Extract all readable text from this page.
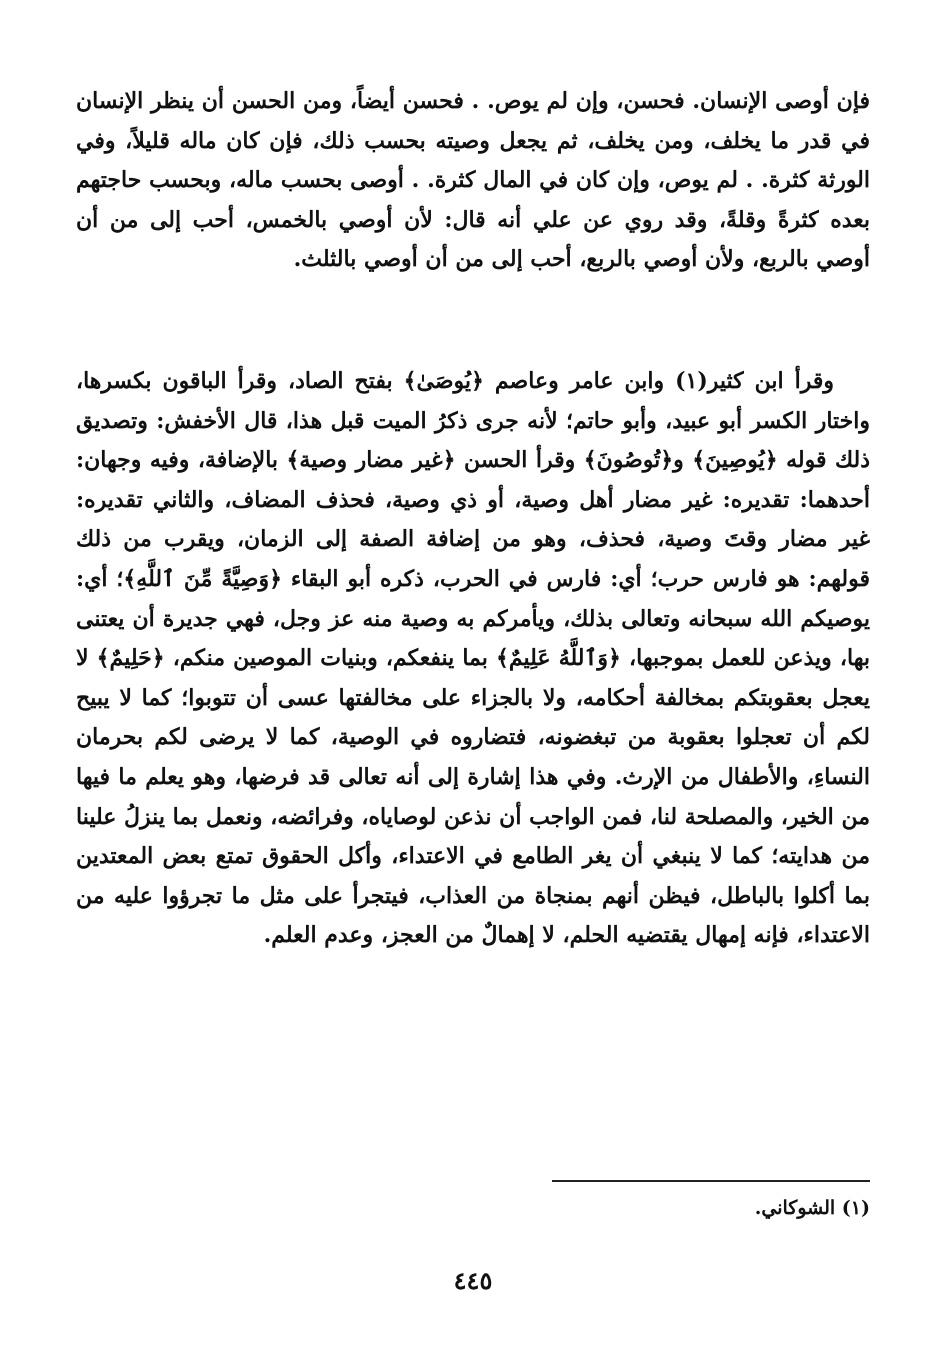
فإن أوصى الإنسان. فحسن، وإن لم يوص. . فحسن أيضاً، ومن الحسن أن ينظر الإنسان في قدر ما يخلف، ومن يخلف، ثم يجعل وصيته بحسب ذلك، فإن كان ماله قليلاً، وفي الورثة كثرة. . لم يوص، وإن كان في المال كثرة. . أوصى بحسب ماله، وبحسب حاجتهم بعده كثرةً وقلةً، وقد روي عن علي أنه قال: لأن أوصي بالخمس، أحب إلى من أن أوصي بالربع، ولأن أوصي بالربع، أحب إلى من أن أوصي بالثلث.

وقرأ ابن كثير(١) وابن عامر وعاصم ﴿يُوصَىٰ﴾ بفتح الصاد، وقرأ الباقون بكسرها، واختار الكسر أبو عبيد، وأبو حاتم؛ لأنه جرى ذكرُ الميت قبل هذا، قال الأخفش: وتصديق ذلك قوله ﴿يُوصِينَ﴾ و﴿تُوصُونَ﴾ وقرأ الحسن ﴿غير مضار وصية﴾ بالإضافة، وفيه وجهان: أحدهما: تقديره: غير مضار أهل وصية، أو ذي وصية، فحذف المضاف، والثاني تقديره: غير مضار وقتَ وصية، فحذف، وهو من إضافة الصفة إلى الزمان، ويقرب من ذلك قولهم: هو فارس حرب؛ أي: فارس في الحرب، ذكره أبو البقاء ﴿وَصِيَّةً مِّنَ ٱللَّهِ﴾؛ أي: يوصيكم الله سبحانه وتعالى بذلك، ويأمركم به وصية منه عز وجل، فهي جديرة أن يعتنى بها، ويذعن للعمل بموجبها، ﴿وَٱللَّهُ عَلِيمٌ﴾ بما ينفعكم، وبنيات الموصين منكم، ﴿حَلِيمٌ﴾ لا يعجل بعقوبتكم بمخالفة أحكامه، ولا بالجزاء على مخالفتها عسى أن تتوبوا؛ كما لا يبيح لكم أن تعجلوا بعقوبة من تبغضونه، فتضاروه في الوصية، كما لا يرضى لكم بحرمان النساءِ، والأطفال من الإرث. وفي هذا إشارة إلى أنه تعالى قد فرضها، وهو يعلم ما فيها من الخير، والمصلحة لنا، فمن الواجب أن نذعن لوصاياه، وفرائضه، ونعمل بما ينزلُ علينا من هدايته؛ كما لا ينبغي أن يغر الطامع في الاعتداء، وأكل الحقوق تمتع بعض المعتدين بما أكلوا بالباطل، فيظن أنهم بمنجاة من العذاب، فيتجرأ على مثل ما تجرؤوا عليه من الاعتداء، فإنه إمهال يقتضيه الحلم، لا إهمالٌ من العجز، وعدم العلم.

(١) الشوكاني.
٤٤٥
